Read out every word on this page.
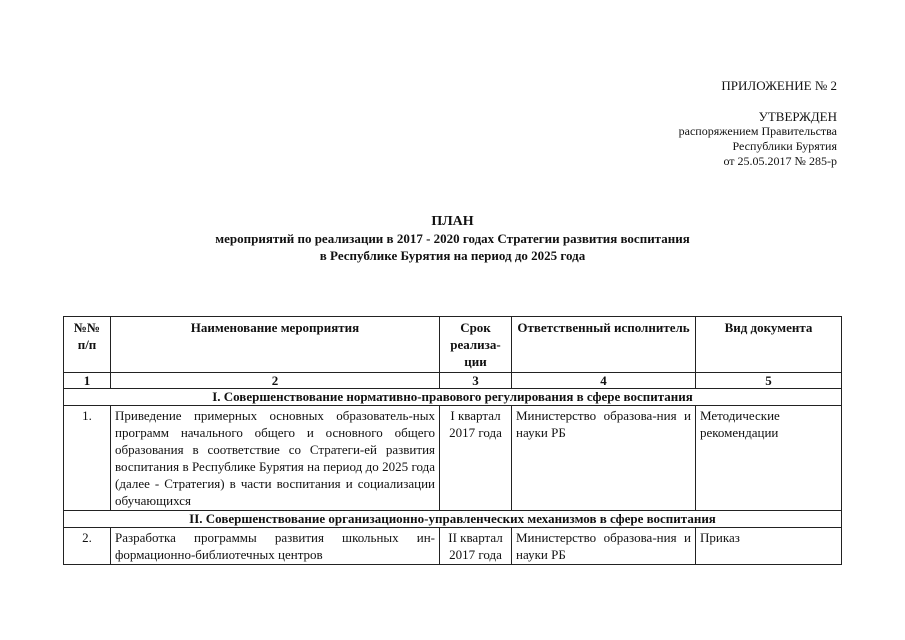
ПРИЛОЖЕНИЕ № 2
УТВЕРЖДЕН
распоряжением Правительства
Республики Бурятия
от 25.05.2017 № 285-р
ПЛАН
мероприятий по реализации в 2017 - 2020 годах Стратегии развития воспитания
в Республике Бурятия на период до 2025 года
№№ п/п	Наименование мероприятия	Срок реализа- ции	Ответственный исполнитель	Вид документа
1	2	3	4	5
I. Совершенствование нормативно-правового регулирования в сфере воспитания				
1.	Приведение примерных основных образователь-ных программ начального общего и основного общего образования в соответствие со Стратеги-ей развития воспитания в Республике Бурятия на период до 2025 года (далее - Стратегия) в части воспитания и социализации обучающихся	I квартал 2017 года	Министерство образова-ния и науки РБ	Методические рекомендации
II. Совершенствование организационно-управленческих механизмов в сфере воспитания				
2.	Разработка программы развития школьных ин-формационно-библиотечных центров	II квартал 2017 года	Министерство образова-ния и науки РБ	Приказ
